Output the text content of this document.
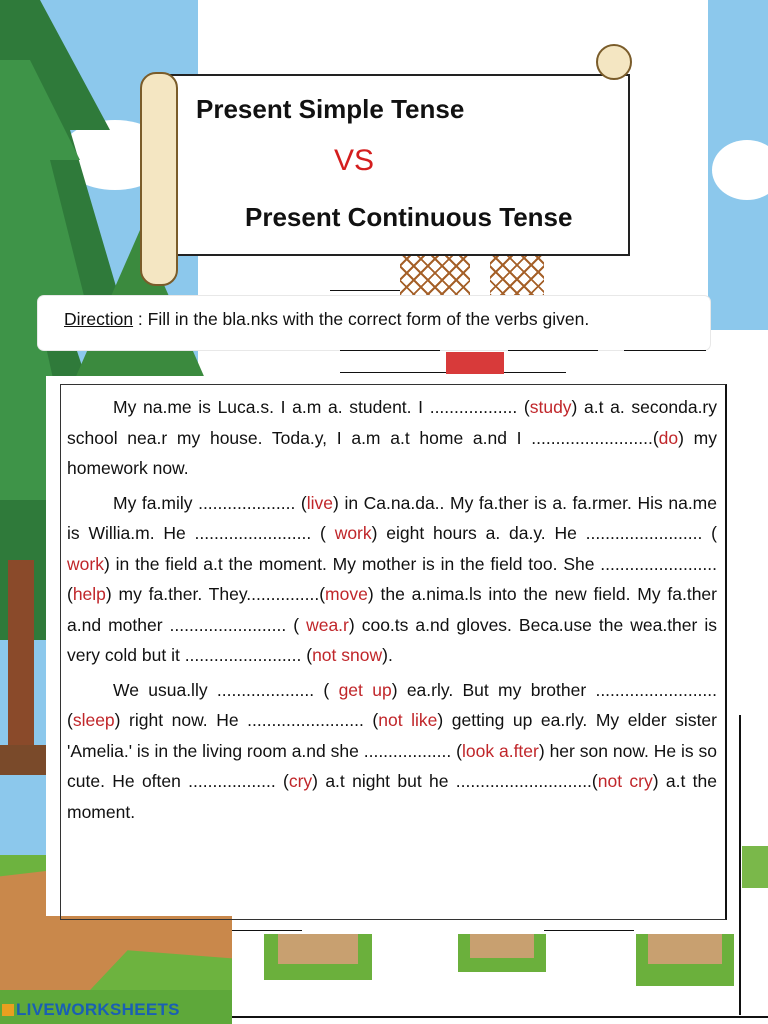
Present Simple Tense
VS
Present Continuous Tense
Direction : Fill in the bla.nks with the correct form of the verbs given.

My na.me is Luca.s. I a.m a. student. I .................. (study) a.t a. seconda.ry school nea.r my house. Toda.y, I a.m a.t home a.nd I .........................(do) my homework now.

My fa.mily .................... (live) in Ca.na.da.. My fa.ther is a. fa.rmer. His na.me is Willia.m. He ........................ ( work) eight hours a. da.y. He ........................ ( work) in the field a.t the moment. My mother is in the field too. She ........................ (help) my fa.ther. They...............(move) the a.nima.ls into the new field. My fa.ther a.nd mother ........................ ( wea.r) coo.ts a.nd gloves. Beca.use the wea.ther is very cold but it ........................ (not snow).

We usua.lly .................... ( get up) ea.rly. But my brother .........................(sleep) right now. He ........................ (not like) getting up ea.rly. My elder sister 'Amelia.' is in the living room a.nd she .................. (look a.fter) her son now. He is so cute. He often .................. (cry) a.t night but he ............................(not cry) a.t the moment.

LIVEWORKSHEETS
